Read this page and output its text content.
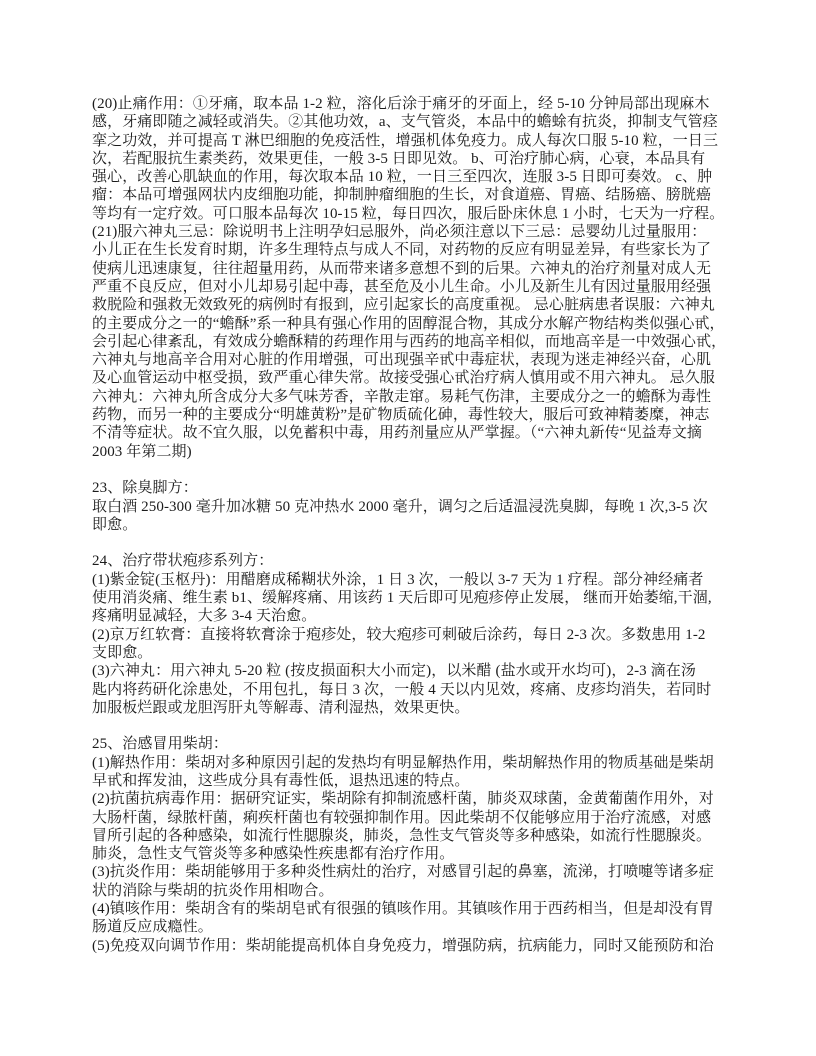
(20)止痛作用：①牙痛，取本品 1-2 粒，溶化后涂于痛牙的牙面上，经 5-10 分钟局部出现麻木
感，牙痛即随之减轻或消失。②其他功效，a、支气管炎，本品中的蟾蜍有抗炎，抑制支气管痉
挛之功效，并可提高 T 淋巴细胞的免疫活性，增强机体免疫力。成人每次口服 5-10 粒，一日三
次，若配服抗生素类药，效果更佳，一般 3-5 日即见效。 b、可治疗肺心病，心衰，本品具有
强心，改善心肌缺血的作用，每次取本品 10 粒，一日三至四次，连服 3-5 日即可奏效。 c、肿
瘤：本品可增强网状内皮细胞功能，抑制肿瘤细胞的生长，对食道癌、胃癌、结肠癌、膀胱癌
等均有一定疗效。可口服本品每次 10-15 粒，每日四次，服后卧床休息 1 小时，七天为一疗程。
(21)服六神丸三忌：除说明书上注明孕妇忌服外，尚必须注意以下三忌：忌婴幼儿过量服用：
小儿正在生长发育时期，许多生理特点与成人不同，对药物的反应有明显差异，有些家长为了
使病儿迅速康复，往往超量用药，从而带来诸多意想不到的后果。六神丸的治疗剂量对成人无
严重不良反应，但对小儿却易引起中毒，甚至危及小儿生命。小儿及新生儿有因过量服用经强
救脱险和强救无效致死的病例时有报到，应引起家长的高度重视。 忌心脏病患者误服：六神丸
的主要成分之一的“蟾酥”系一种具有强心作用的固醇混合物，其成分水解产物结构类似强心甙，
会引起心律紊乱，有效成分蟾酥精的药理作用与西药的地高辛相似，而地高辛是一中效强心甙，
六神丸与地高辛合用对心脏的作用增强，可出现强辛甙中毒症状，表现为迷走神经兴奋，心肌
及心血管运动中枢受损，致严重心律失常。故接受强心甙治疗病人慎用或不用六神丸。 忌久服
六神丸：六神丸所含成分大多气味芳香，辛散走窜。易耗气伤津，主要成分之一的蟾酥为毒性
药物，而另一种的主要成分“明雄黄粉”是矿物质硫化砷，毒性较大，服后可致神精萎糜，神志
不清等症状。故不宜久服，以免蓄积中毒，用药剂量应从严掌握。（“六神丸新传“见益寿文摘
2003 年第二期)
23、除臭脚方：
取白酒 250-300 毫升加冰糖 50 克冲热水 2000 毫升，调匀之后适温浸洗臭脚，每晚 1 次,3-5 次
即愈。
24、治疗带状疱疹系列方：
(1)紫金锭(玉枢丹)：用醋磨成稀糊状外涂，1 日 3 次，一般以 3-7 天为 1 疗程。部分神经痛者
使用消炎痛、维生素 b1、缓解疼痛、用该药 1 天后即可见疱疹停止发展， 继而开始萎缩,干涸,
疼痛明显减轻，大多 3-4 天治愈。
(2)京万红软膏：直接将软膏涂于疱疹处，较大疱疹可刺破后涂药，每日 2-3 次。多数患用 1-2
支即愈。
(3)六神丸：用六神丸 5-20 粒 (按皮损面积大小而定)，以米醋 (盐水或开水均可)，2-3 滴在汤
匙内将药研化涂患处，不用包扎，每日 3 次，一般 4 天以内见效，疼痛、皮疹均消失，若同时
加服板烂跟或龙胆泻肝丸等解毒、清利湿热，效果更快。
25、治感冒用柴胡：
(1)解热作用：柴胡对多种原因引起的发热均有明显解热作用，柴胡解热作用的物质基础是柴胡
早甙和挥发油，这些成分具有毒性低，退热迅速的特点。
(2)抗菌抗病毒作用：据研究证实，柴胡除有抑制流感杆菌，肺炎双球菌，金黄葡菌作用外，对
大肠杆菌，绿脓杆菌，痢疾杆菌也有较强抑制作用。因此柴胡不仅能够应用于治疗流感，对感
冒所引起的各种感染，如流行性腮腺炎，肺炎，急性支气管炎等多种感染，如流行性腮腺炎。
肺炎，急性支气管炎等多种感染性疾患都有治疗作用。
(3)抗炎作用：柴胡能够用于多种炎性病灶的治疗，对感冒引起的鼻塞，流涕，打喷嚏等诸多症
状的消除与柴胡的抗炎作用相吻合。
(4)镇咳作用：柴胡含有的柴胡皂甙有很强的镇咳作用。其镇咳作用于西药相当，但是却没有胃
肠道反应成瘾性。
(5)免疫双向调节作用：柴胡能提高机体自身免疫力，增强防病，抗病能力，同时又能预防和治
